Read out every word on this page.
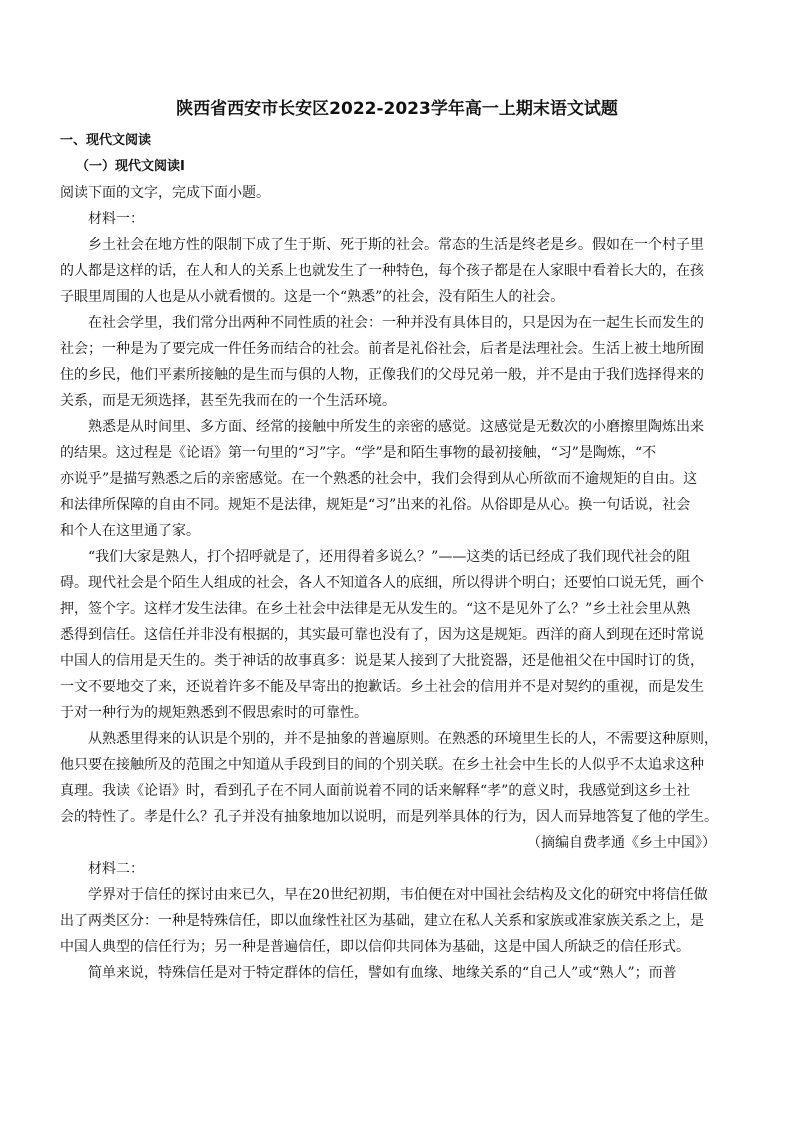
陕西省西安市长安区2022-2023学年高一上期末语文试题
一、现代文阅读
（一）现代文阅读Ⅰ
阅读下面的文字，完成下面小题。
材料一：
乡土社会在地方性的限制下成了生于斯、死于斯的社会。常态的生活是终老是乡。假如在一个村子里
的人都是这样的话，在人和人的关系上也就发生了一种特色，每个孩子都是在人家眼中看着长大的，在孩
子眼里周围的人也是从小就看惯的。这是一个“熟悉”的社会，没有陌生人的社会。
在社会学里，我们常分出两种不同性质的社会：一种并没有具体目的，只是因为在一起生长而发生的
社会；一种是为了要完成一件任务而结合的社会。前者是礼俗社会，后者是法理社会。生活上被土地所囿
住的乡民，他们平素所接触的是生而与俱的人物，正像我们的父母兄弟一般，并不是由于我们选择得来的
关系，而是无须选择，甚至先我而在的一个生活环境。
熟悉是从时间里、多方面、经常的接触中所发生的亲密的感觉。这感觉是无数次的小磨擦里陶炼出来
的结果。这过程是《论语》第一句里的“习”字。“学”是和陌生事物的最初接触，“习”是陶炼，“不
亦说乎”是描写熟悉之后的亲密感觉。在一个熟悉的社会中，我们会得到从心所欲而不逾规矩的自由。这
和法律所保障的自由不同。规矩不是法律，规矩是“习”出来的礼俗。从俗即是从心。换一句话说，社会
和个人在这里通了家。
“我们大家是熟人，打个招呼就是了，还用得着多说么？”——这类的话已经成了我们现代社会的阻
碍。现代社会是个陌生人组成的社会，各人不知道各人的底细，所以得讲个明白；还要怕口说无凭，画个
押，签个字。这样才发生法律。在乡土社会中法律是无从发生的。“这不是见外了么？”乡土社会里从熟
悉得到信任。这信任并非没有根据的，其实最可靠也没有了，因为这是规矩。西洋的商人到现在还时常说
中国人的信用是天生的。类于神话的故事真多：说是某人接到了大批瓷器，还是他祖父在中国时订的货，
一文不要地交了来，还说着许多不能及早寄出的抱歉话。乡土社会的信用并不是对契约的重视，而是发生
于对一种行为的规矩熟悉到不假思索时的可靠性。
从熟悉里得来的认识是个别的，并不是抽象的普遍原则。在熟悉的环境里生长的人，不需要这种原则，
他只要在接触所及的范围之中知道从手段到目的间的个别关联。在乡土社会中生长的人似乎不太追求这种
真理。我读《论语》时，看到孔子在不同人面前说着不同的话来解释“孝”的意义时，我感觉到这乡土社
会的特性了。孝是什么？孔子并没有抽象地加以说明，而是列举具体的行为，因人而异地答复了他的学生。
（摘编自费孝通《乡土中国》）
材料二：
学界对于信任的探讨由来已久，早在20世纪初期，韦伯便在对中国社会结构及文化的研究中将信任做
出了两类区分：一种是特殊信任，即以血缘性社区为基础，建立在私人关系和家族或准家族关系之上，是
中国人典型的信任行为；另一种是普遍信任，即以信仰共同体为基础，这是中国人所缺乏的信任形式。
简单来说，特殊信任是对于特定群体的信任，譬如有血缘、地缘关系的“自己人”或“熟人”；而普
